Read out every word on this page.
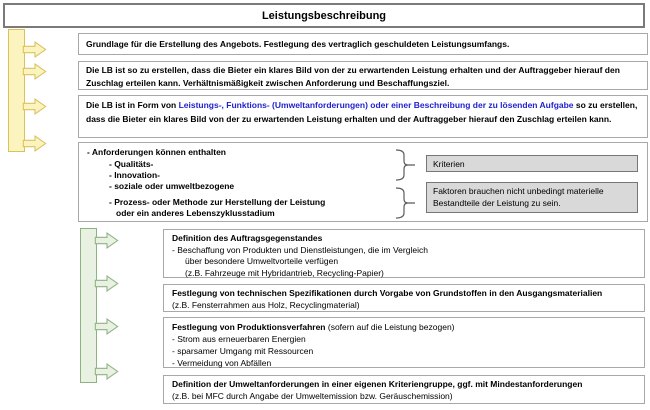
Leistungsbeschreibung
Grundlage für die Erstellung des Angebots. Festlegung des vertraglich geschuldeten Leistungsumfangs.
Die LB ist so zu erstellen, dass die Bieter ein klares Bild von der zu erwartenden Leistung erhalten und der Auftraggeber hierauf den Zuschlag erteilen kann. Verhältnismäßigkeit zwischen Anforderung und Beschaffungsziel.
Die LB ist in Form von Leistungs-, Funktions- (Umweltanforderungen) oder einer Beschreibung der zu lösenden Aufgabe so zu erstellen, dass die Bieter ein klares Bild von der zu erwartenden Leistung erhalten und der Auftraggeber hierauf den Zuschlag erteilen kann.
- Anforderungen können enthalten
- Qualitäts-
- Innovation-
- soziale oder umweltbezogene
- Prozess- oder Methode zur Herstellung der Leistung
oder ein anderes Lebenszyklusstadium
Kriterien
Faktoren brauchen nicht unbedingt materielle Bestandteile der Leistung zu sein.
Definition des Auftragsgegenstandes
- Beschaffung von Produkten und Dienstleistungen, die im Vergleich
über besondere Umweltvorteile verfügen
(z.B. Fahrzeuge mit Hybridantrieb, Recycling-Papier)
Festlegung von technischen Spezifikationen durch Vorgabe von Grundstoffen in den Ausgangsmaterialien
(z.B. Fensterrahmen aus Holz, Recyclingmaterial)
Festlegung von Produktionsverfahren (sofern auf die Leistung bezogen)
- Strom aus erneuerbaren Energien
- sparsamer Umgang mit Ressourcen
- Vermeidung von Abfällen
Definition der Umweltanforderungen in einer eigenen Kriteriengruppe, ggf. mit Mindestanforderungen
(z.B. bei MFC durch Angabe der Umweltemission bzw. Geräuschemission)
